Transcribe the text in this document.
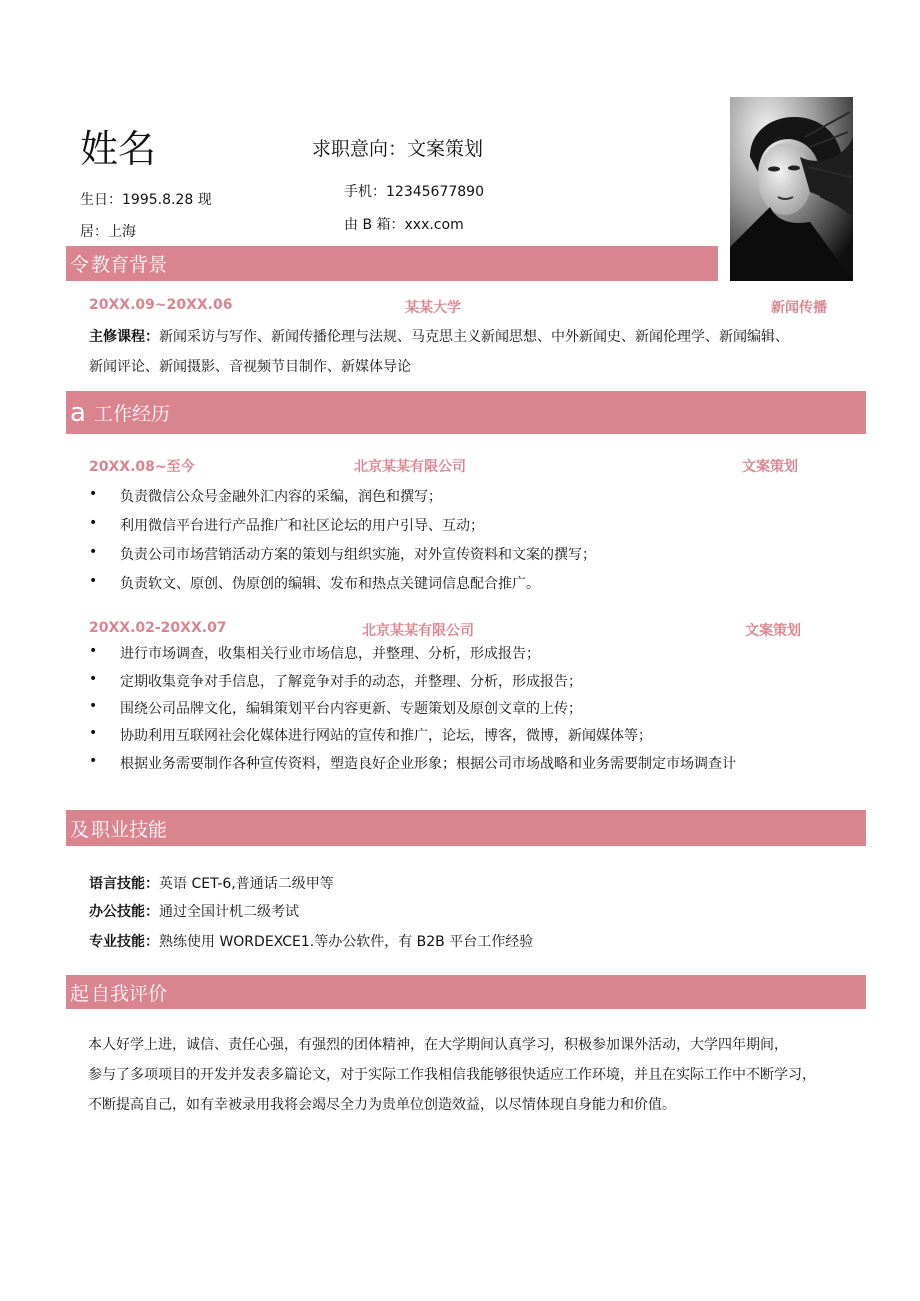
姓名	求职意向：文案策划
手机：12345677890
由 B 箱：xxx.com
生日：1995.8.28 现
居：上海
令 教育背景
20XX.09~20XX.06	某某大学	新闻传播
主修课程：新闻采访与写作、新闻传播伦理与法规、马克思主义新闻思想、中外新闻史、新闻伦理学、新闻编辑、
新闻评论、新闻摄影、音视频节目制作、新媒体导论
a 工作经历
20XX.08~至今	北京某某有限公司	文案策划
• 负责微信公众号金融外汇内容的采编，润色和撰写；
• 利用微信平台进行产品推广和社区论坛的用户引导、互动；
• 负责公司市场营销活动方案的策划与组织实施，对外宣传资料和文案的撰写；
• 负责软文、原创、伪原创的编辑、发布和热点关键词信息配合推广。
20XX.02-20XX.07	北京某某有限公司	文案策划
• 进行市场调查，收集相关行业市场信息，并整理、分析，形成报告；
• 定期收集竞争对手信息，了解竞争对手的动态，并整理、分析，形成报告；
• 围绕公司品牌文化，编辑策划平台内容更新、专题策划及原创文章的上传；
• 协助利用互联网社会化媒体进行网站的宣传和推广，论坛，博客，微博，新闻媒体等；
• 根据业务需要制作各种宣传资料，塑造良好企业形象；根据公司市场战略和业务需要制定市场调查计
及 职业技能
语言技能：英语 CET-6,普通话二级甲等
办公技能：通过全国计机二级考试
专业技能：熟练使用 WORDEXCE1.等办公软件，有 B2B 平台工作经验
起 自我评价
本人好学上进，诚信、责任心强，有强烈的团体精神，在大学期间认真学习，积极参加课外活动，大学四年期间，
参与了多项项目的开发并发表多篇论文，对于实际工作我相信我能够很快适应工作环境，并且在实际工作中不断学习，
不断提高自己，如有幸被录用我将会竭尽全力为贵单位创造效益，以尽情体现自身能力和价值。
